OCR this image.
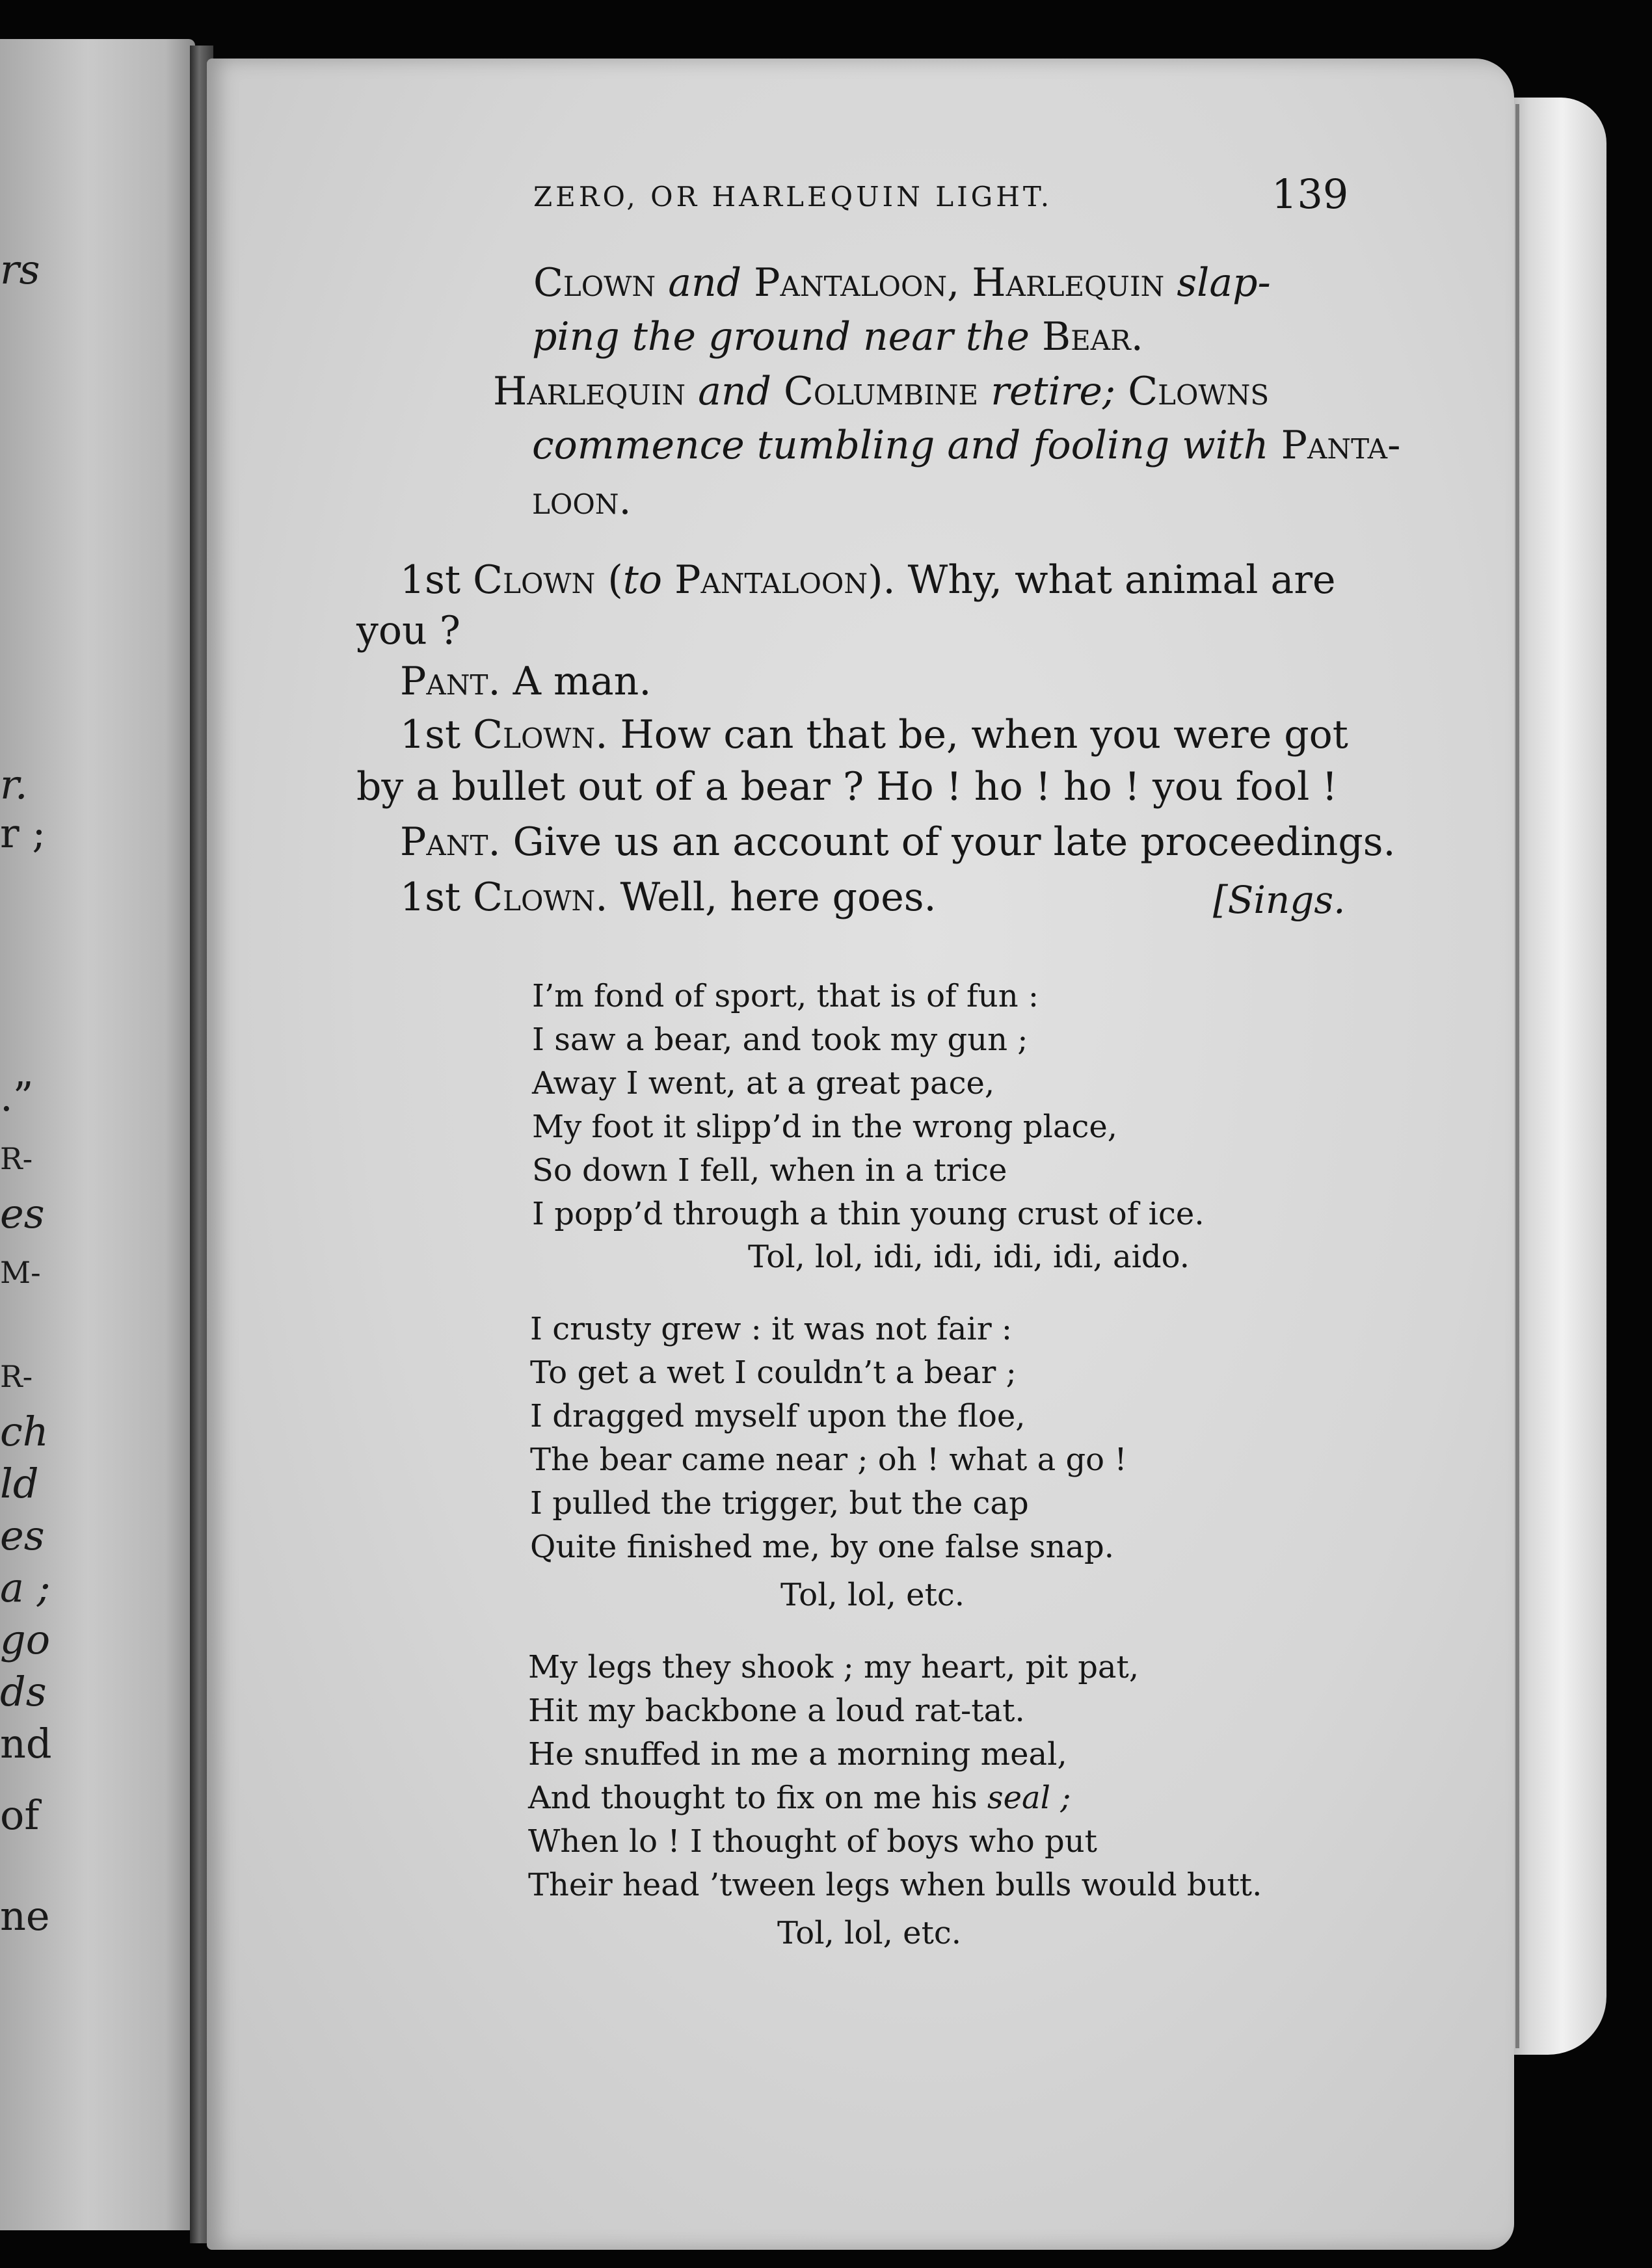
rs
r.
r ;
.”
R-
es
M-
R-
ch
ld
es
a ;
go
ds
nd
of
ne
ZERO, OR HARLEQUIN LIGHT.	139
Clown and Pantaloon, Harlequin slap-
ping the ground near the Bear.
Harlequin and Columbine retire; Clowns
commence tumbling and fooling with Panta-
loon.
1st Clown (to Pantaloon). Why, what animal are
you ?
Pant. A man.
1st Clown. How can that be, when you were got
by a bullet out of a bear ? Ho ! ho ! ho ! you fool !
Pant. Give us an account of your late proceedings.
1st Clown. Well, here goes.	[Sings.
I’m fond of sport, that is of fun :
I saw a bear, and took my gun ;
Away I went, at a great pace,
My foot it slipp’d in the wrong place,
So down I fell, when in a trice
I popp’d through a thin young crust of ice.
Tol, lol, idi, idi, idi, idi, aido.
I crusty grew : it was not fair :
To get a wet I couldn’t a bear ;
I dragged myself upon the floe,
The bear came near ; oh ! what a go !
I pulled the trigger, but the cap
Quite finished me, by one false snap.
Tol, lol, etc.
My legs they shook ; my heart, pit pat,
Hit my backbone a loud rat-tat.
He snuffed in me a morning meal,
And thought to fix on me his seal ;
When lo ! I thought of boys who put
Their head ’tween legs when bulls would butt.
Tol, lol, etc.
